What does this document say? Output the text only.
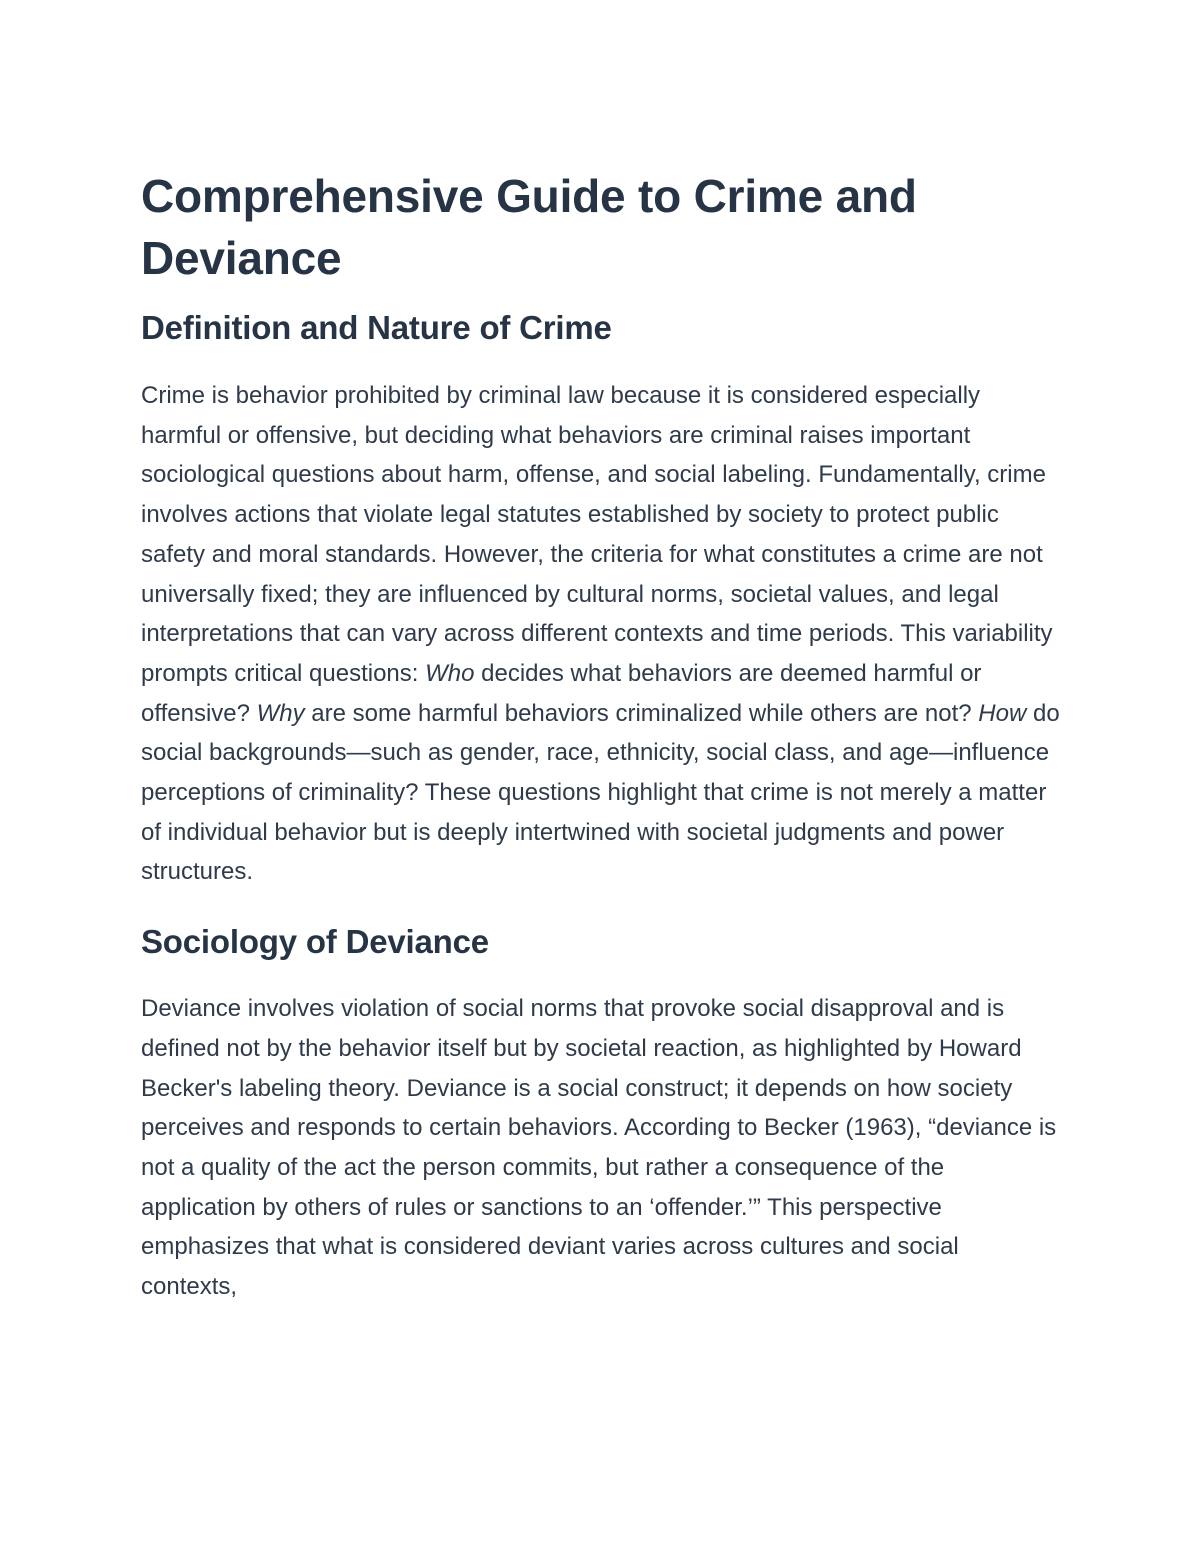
Comprehensive Guide to Crime and Deviance
Definition and Nature of Crime

Crime is behavior prohibited by criminal law because it is considered especially harmful or offensive, but deciding what behaviors are criminal raises important sociological questions about harm, offense, and social labeling. Fundamentally, crime involves actions that violate legal statutes established by society to protect public safety and moral standards. However, the criteria for what constitutes a crime are not universally fixed; they are influenced by cultural norms, societal values, and legal interpretations that can vary across different contexts and time periods. This variability prompts critical questions: Who decides what behaviors are deemed harmful or offensive? Why are some harmful behaviors criminalized while others are not? How do social backgrounds—such as gender, race, ethnicity, social class, and age—influence perceptions of criminality? These questions highlight that crime is not merely a matter of individual behavior but is deeply intertwined with societal judgments and power structures.

Sociology of Deviance

Deviance involves violation of social norms that provoke social disapproval and is defined not by the behavior itself but by societal reaction, as highlighted by Howard Becker's labeling theory. Deviance is a social construct; it depends on how society perceives and responds to certain behaviors. According to Becker (1963), “deviance is not a quality of the act the person commits, but rather a consequence of the application by others of rules or sanctions to an ‘offender.’” This perspective emphasizes that what is considered deviant varies across cultures and social contexts,
